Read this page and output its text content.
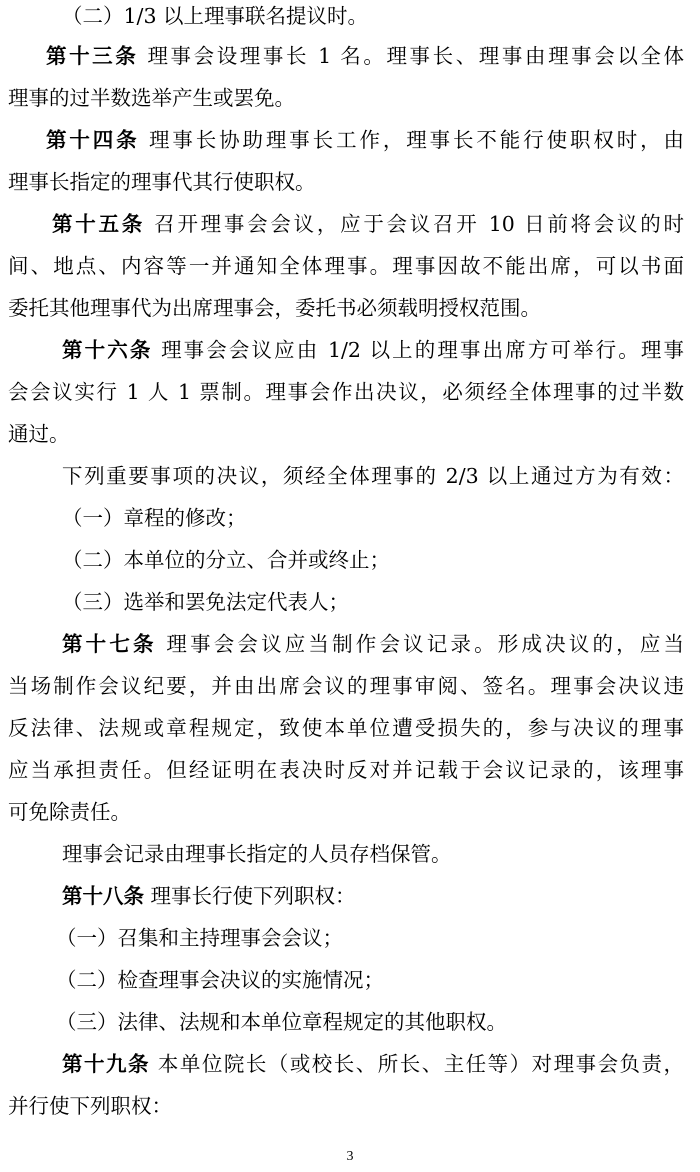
（二）1/3 以上理事联名提议时。
第十三条 理事会设理事长 1 名。理事长、理事由理事会以全体
理事的过半数选举产生或罢免。
第十四条 理事长协助理事长工作，理事长不能行使职权时，由
理事长指定的理事代其行使职权。
第十五条 召开理事会会议，应于会议召开 10 日前将会议的时
间、地点、内容等一并通知全体理事。理事因故不能出席，可以书面
委托其他理事代为出席理事会，委托书必须载明授权范围。
第十六条 理事会会议应由 1/2 以上的理事出席方可举行。理事
会会议实行 1 人 1 票制。理事会作出决议，必须经全体理事的过半数
通过。
下列重要事项的决议，须经全体理事的 2/3 以上通过方为有效：
（一）章程的修改；
（二）本单位的分立、合并或终止；
（三）选举和罢免法定代表人；
第十七条 理事会会议应当制作会议记录。形成决议的，应当
当场制作会议纪要，并由出席会议的理事审阅、签名。理事会决议违
反法律、法规或章程规定，致使本单位遭受损失的，参与决议的理事
应当承担责任。但经证明在表决时反对并记载于会议记录的，该理事
可免除责任。
理事会记录由理事长指定的人员存档保管。
第十八条 理事长行使下列职权：
（一）召集和主持理事会会议；
（二）检查理事会决议的实施情况；
（三）法律、法规和本单位章程规定的其他职权。
第十九条 本单位院长（或校长、所长、主任等）对理事会负责，
并行使下列职权：
3
